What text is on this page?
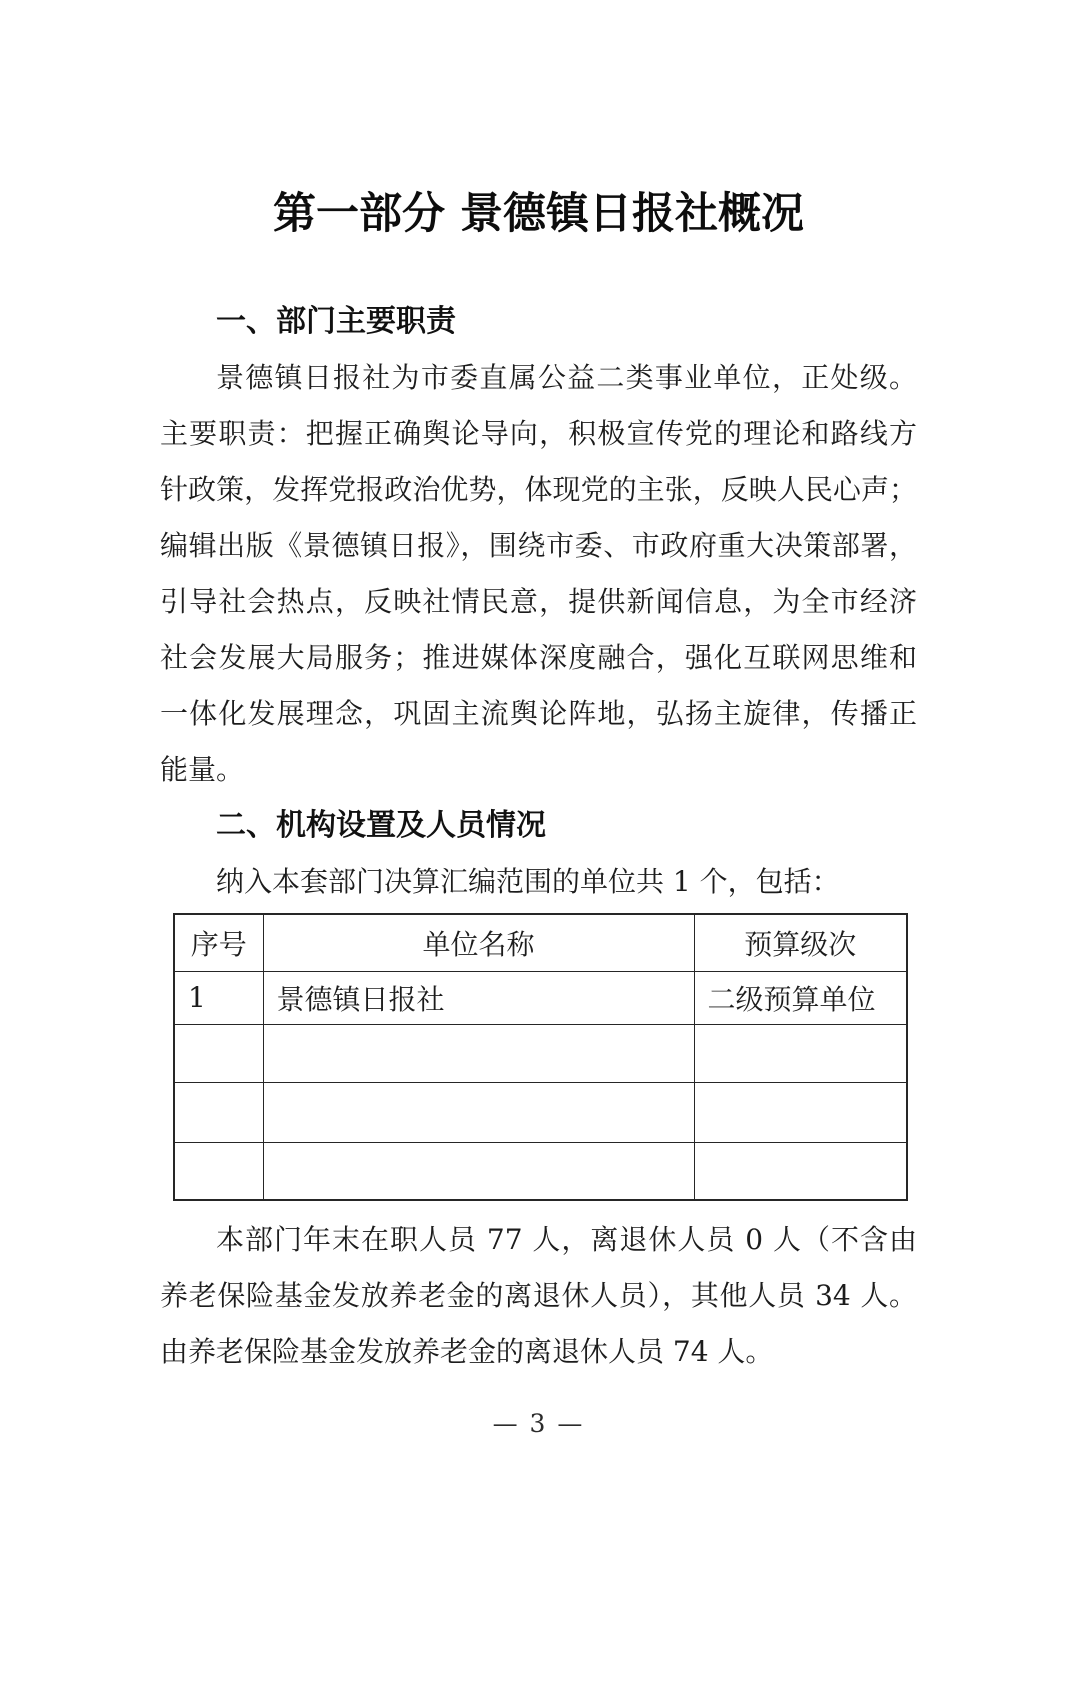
第一部分 景德镇日报社概况
一、部门主要职责
景德镇日报社为市委直属公益二类事业单位，正处级。
主要职责：把握正确舆论导向，积极宣传党的理论和路线方
针政策，发挥党报政治优势，体现党的主张，反映人民心声；
编辑出版《景德镇日报》，围绕市委、市政府重大决策部署，
引导社会热点，反映社情民意，提供新闻信息，为全市经济
社会发展大局服务；推进媒体深度融合，强化互联网思维和
一体化发展理念，巩固主流舆论阵地，弘扬主旋律，传播正
能量。
二、机构设置及人员情况
纳入本套部门决算汇编范围的单位共 1 个，包括：
序号	单位名称	预算级次
1	景德镇日报社	二级预算单位

本部门年末在职人员 77 人，离退休人员 0 人（不含由
养老保险基金发放养老金的离退休人员），其他人员 34 人。
由养老保险基金发放养老金的离退休人员 74 人。
— 3 —
